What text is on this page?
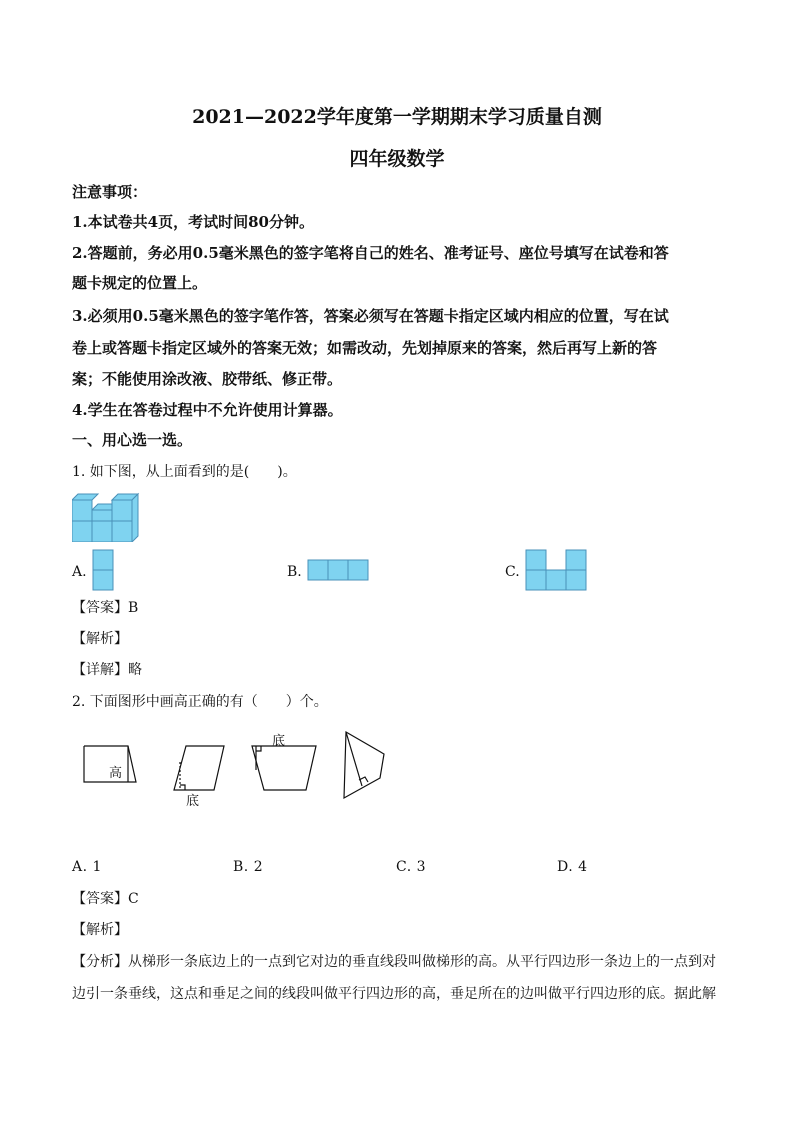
2021—2022学年度第一学期期末学习质量自测
四年级数学
注意事项：
1.本试卷共4页，考试时间80分钟。
2.答题前，务必用0.5毫米黑色的签字笔将自己的姓名、准考证号、座位号填写在试卷和答
题卡规定的位置上。
3.必须用0.5毫米黑色的签字笔作答，答案必须写在答题卡指定区域内相应的位置，写在试
卷上或答题卡指定区域外的答案无效；如需改动，先划掉原来的答案，然后再写上新的答
案；不能使用涂改液、胶带纸、修正带。
4.学生在答卷过程中不允许使用计算器。
一、用心选一选。
1. 如下图，从上面看到的是(　　)。
A.	B.	C.
【答案】B
【解析】
【详解】略
2. 下面图形中画高正确的有（　　）个。
高
底
底
A. 1	B. 2	C. 3	D. 4
【答案】C
【解析】
【分析】从梯形一条底边上的一点到它对边的垂直线段叫做梯形的高。从平行四边形一条边上的一点到对
边引一条垂线，这点和垂足之间的线段叫做平行四边形的高，垂足所在的边叫做平行四边形的底。据此解
